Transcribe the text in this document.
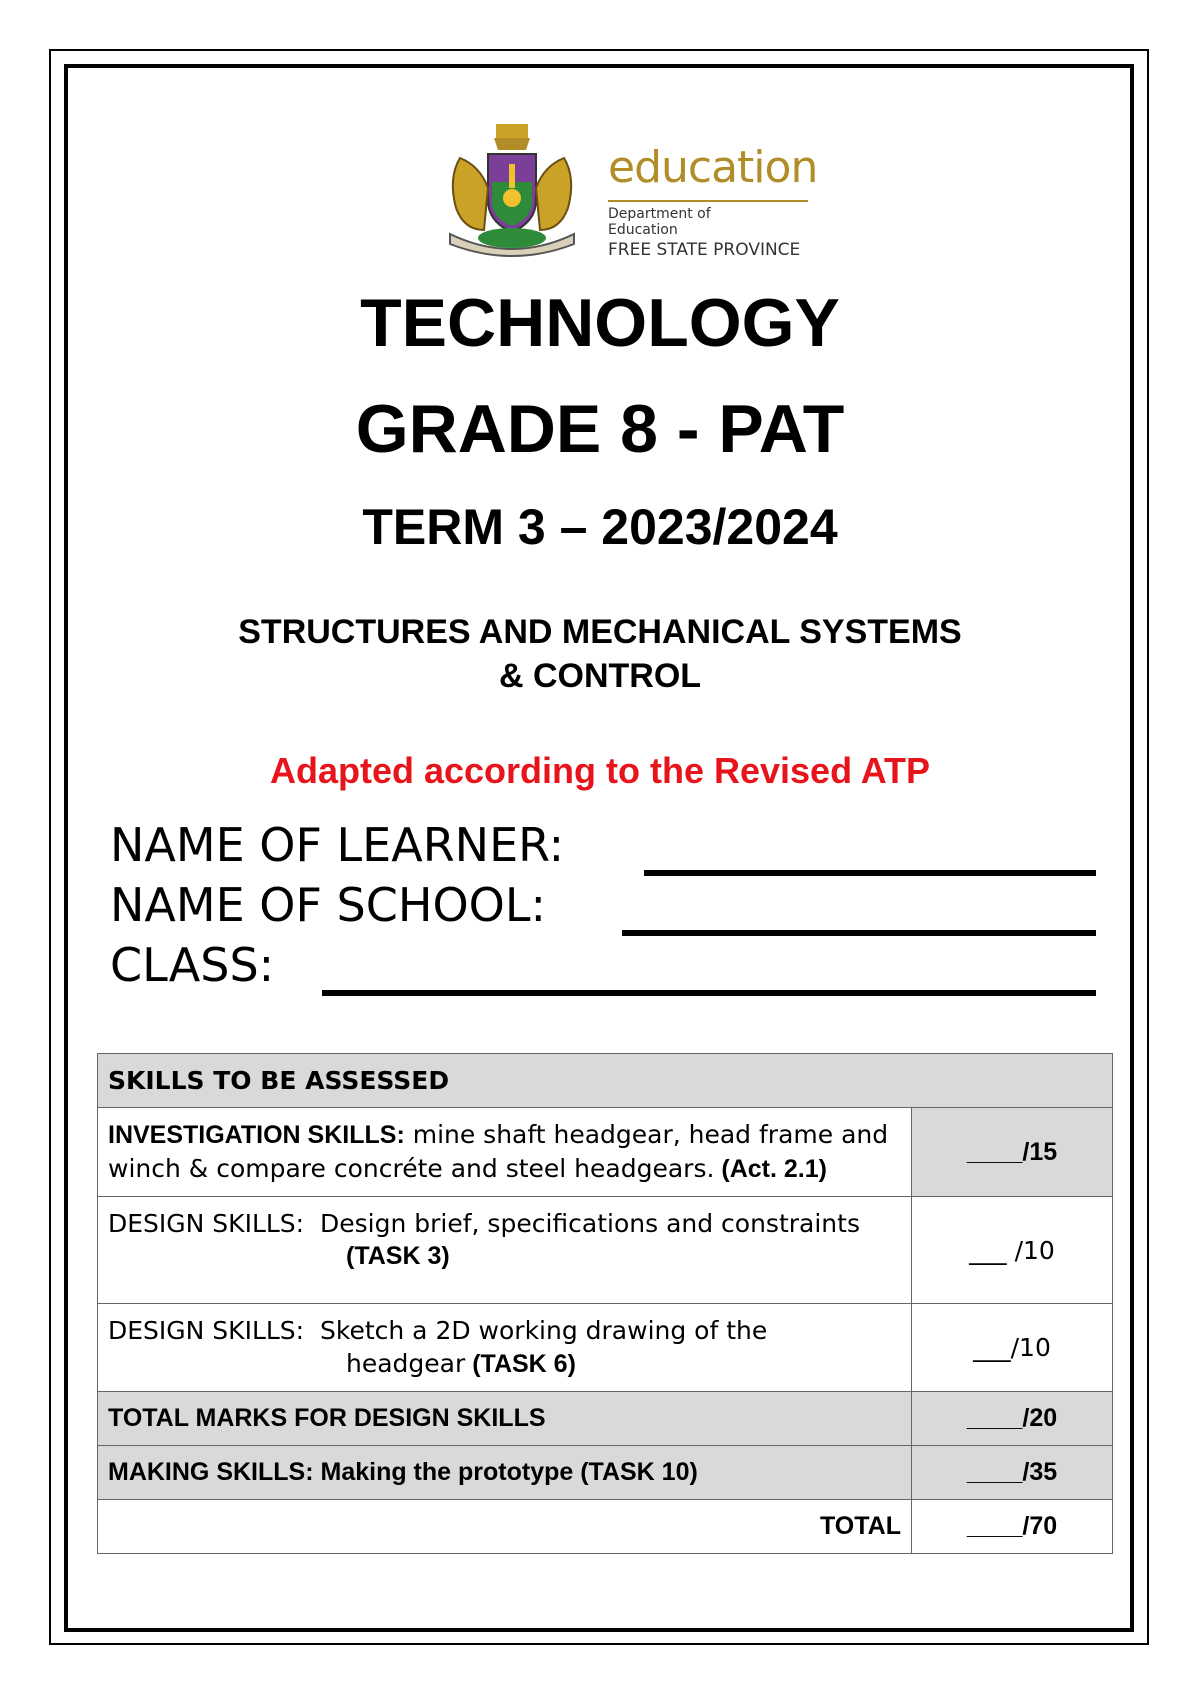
education
Department of
Education
FREE STATE PROVINCE
TECHNOLOGY
GRADE 8 - PAT
TERM 3 – 2023/2024
STRUCTURES AND MECHANICAL SYSTEMS
& CONTROL
Adapted according to the Revised ATP
NAME OF LEARNER:
NAME OF SCHOOL:
CLASS:
SKILLS TO BE ASSESSED	
INVESTIGATION SKILLS: mine shaft headgear, head frame and winch & compare concréte and steel headgears. (Act. 2.1)	____/15
DESIGN SKILLS: Design brief, specifications and constraints
(TASK 3)	___ /10
DESIGN SKILLS: Sketch a 2D working drawing of the
headgear (TASK 6)	___/10
TOTAL MARKS FOR DESIGN SKILLS	____/20
MAKING SKILLS: Making the prototype (TASK 10)	____/35
TOTAL	____/70
